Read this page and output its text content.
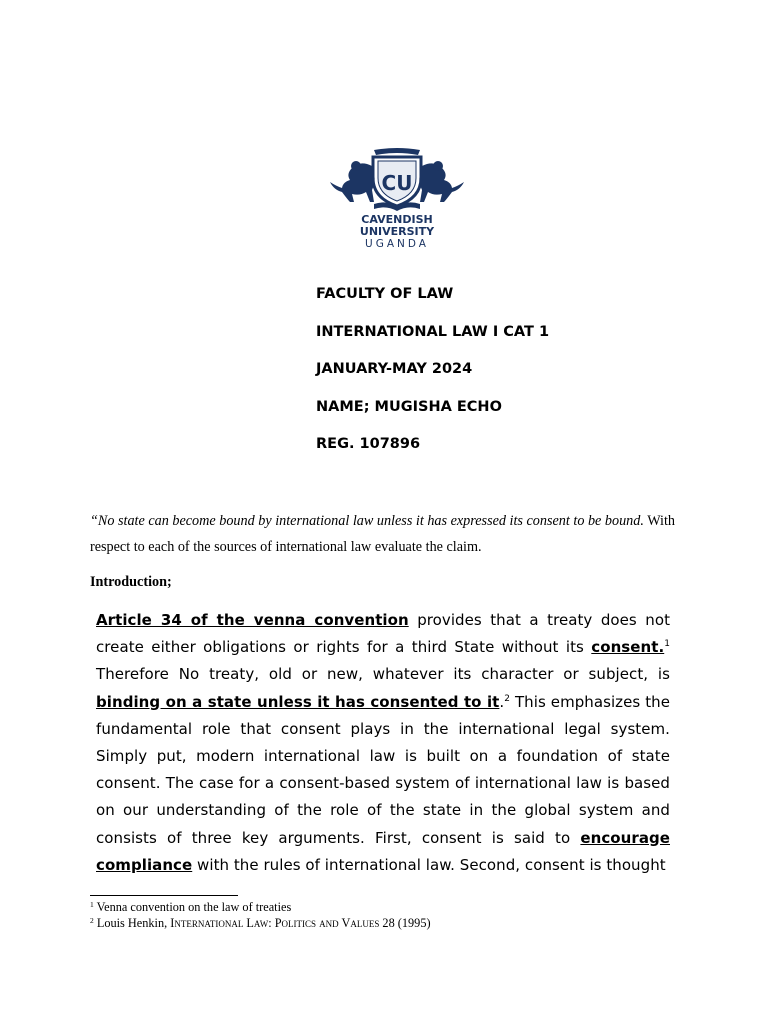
CU
CAVENDISH
UNIVERSITY
UGANDA
FACULTY OF LAW
INTERNATIONAL LAW I CAT 1
JANUARY-MAY 2024
NAME; MUGISHA ECHO
REG. 107896
“No state can become bound by international law unless it has expressed its consent to be bound. With respect to each of the sources of international law evaluate the claim.
Introduction;
Article 34 of the venna convention provides that a treaty does not create either obligations or rights for a third State without its consent.$^1$ Therefore No treaty, old or new, whatever its character or subject, is binding on a state unless it has consented to it.$^2$ This emphasizes the fundamental role that consent plays in the international legal system. Simply put, modern international law is built on a foundation of state consent. The case for a consent-based system of international law is based on our understanding of the role of the state in the global system and consists of three key arguments. First, consent is said to encourage compliance with the rules of international law. Second, consent is thought
$^1$ Venna convention on the law of treaties
$^2$ Louis Henkin, International Law: Politics and Values 28 (1995)
